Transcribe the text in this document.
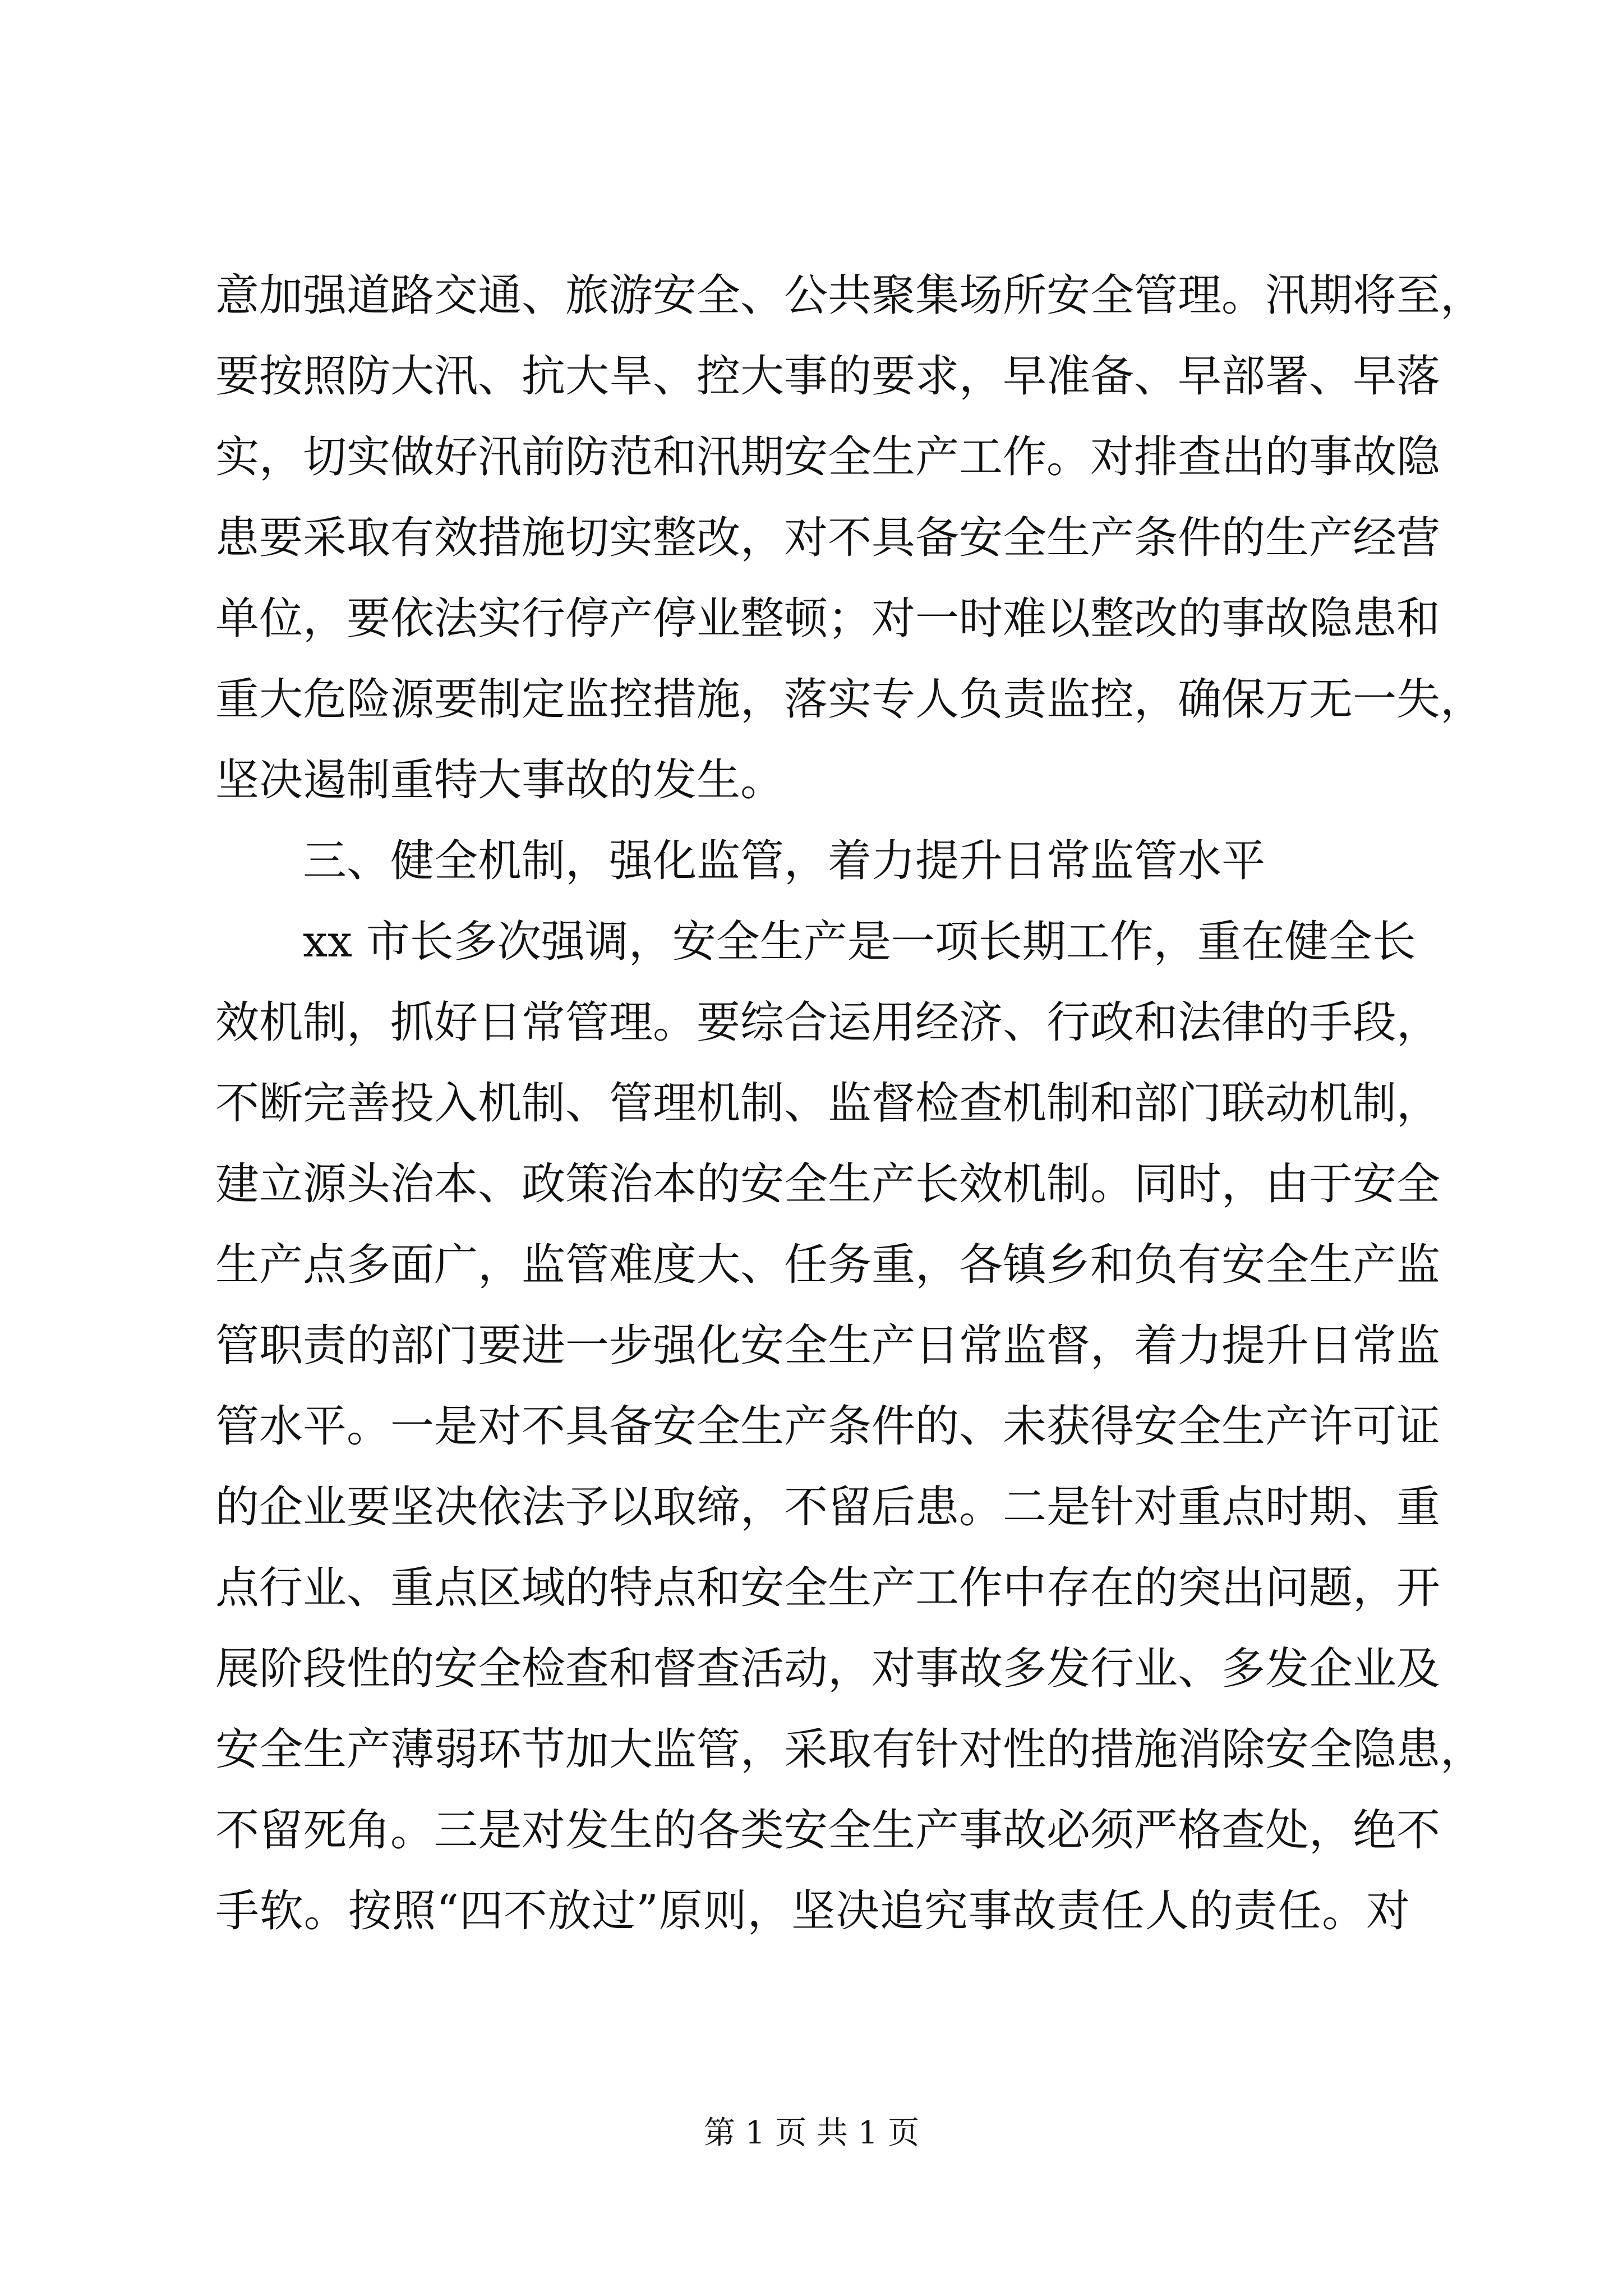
意加强道路交通、旅游安全、公共聚集场所安全管理。汛期将至，
要按照防大汛、抗大旱、控大事的要求，早准备、早部署、早落
实，切实做好汛前防范和汛期安全生产工作。对排查出的事故隐
患要采取有效措施切实整改，对不具备安全生产条件的生产经营
单位，要依法实行停产停业整顿；对一时难以整改的事故隐患和
重大危险源要制定监控措施，落实专人负责监控，确保万无一失，
坚决遏制重特大事故的发生。
三、健全机制，强化监管，着力提升日常监管水平
xx 市长多次强调，安全生产是一项长期工作，重在健全长
效机制，抓好日常管理。要综合运用经济、行政和法律的手段，
不断完善投入机制、管理机制、监督检查机制和部门联动机制，
建立源头治本、政策治本的安全生产长效机制。同时，由于安全
生产点多面广，监管难度大、任务重，各镇乡和负有安全生产监
管职责的部门要进一步强化安全生产日常监督，着力提升日常监
管水平。一是对不具备安全生产条件的、未获得安全生产许可证
的企业要坚决依法予以取缔，不留后患。二是针对重点时期、重
点行业、重点区域的特点和安全生产工作中存在的突出问题，开
展阶段性的安全检查和督查活动，对事故多发行业、多发企业及
安全生产薄弱环节加大监管，采取有针对性的措施消除安全隐患，
不留死角。三是对发生的各类安全生产事故必须严格查处，绝不
手软。按照“四不放过”原则，坚决追究事故责任人的责任。对
第 1 页 共 1 页
